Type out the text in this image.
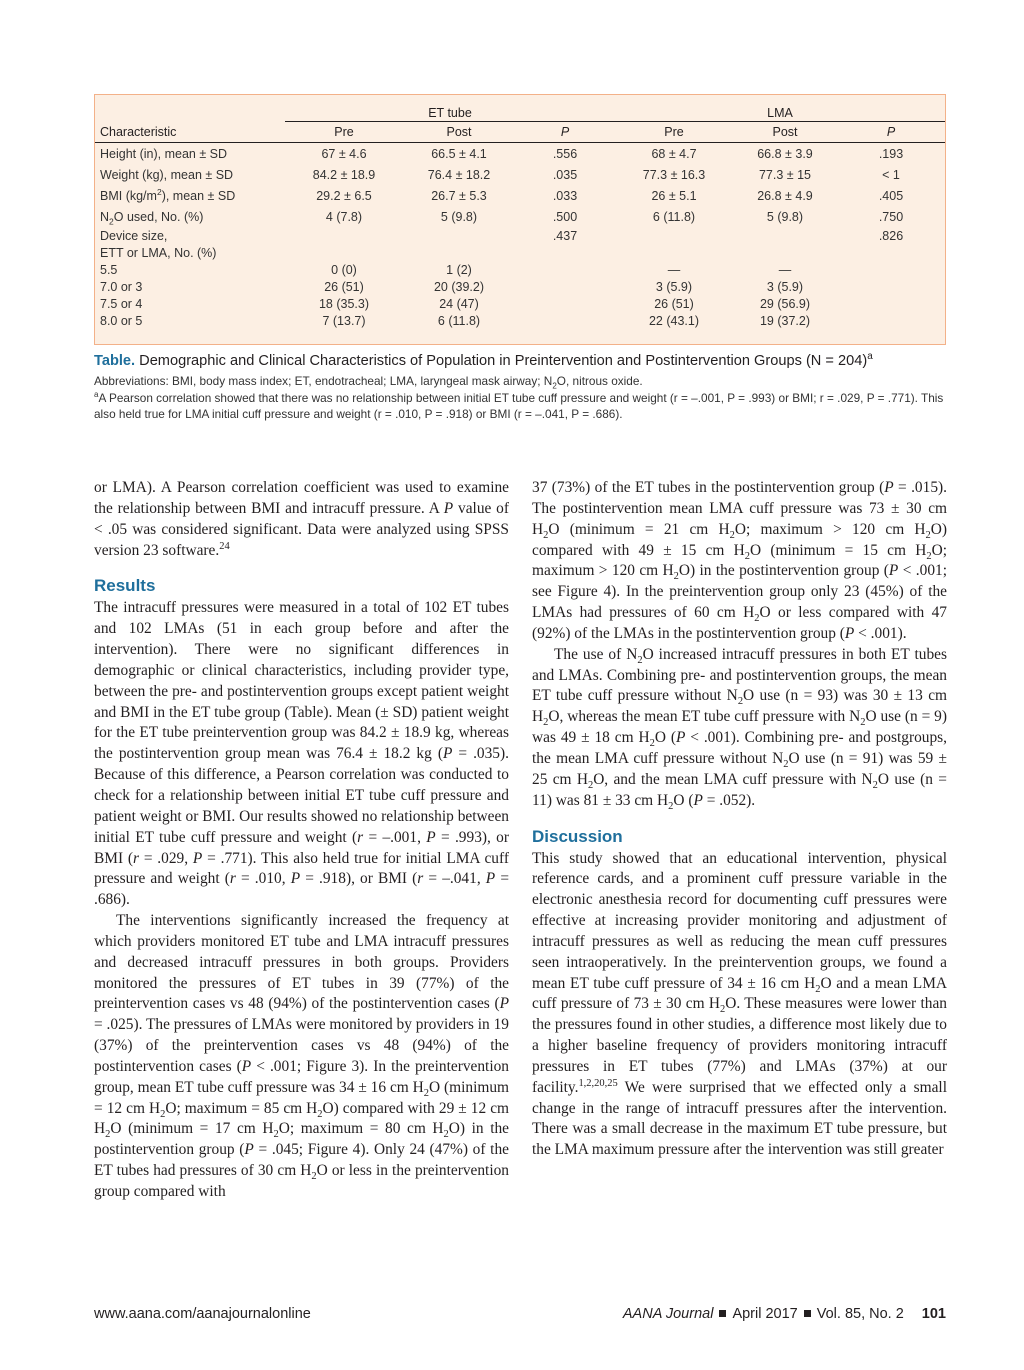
	ET tube			LMA		
Characteristic	Pre	Post	P	Pre	Post	P
Height (in), mean ± SD	67 ± 4.6	66.5 ± 4.1	.556	68 ± 4.7	66.8 ± 3.9	.193
Weight (kg), mean ± SD	84.2 ± 18.9	76.4 ± 18.2	.035	77.3 ± 16.3	77.3 ± 15	< 1
BMI $(kg/m^2)$, mean ± SD	29.2 ± 6.5	26.7 ± 5.3	.033	26 ± 5.1	26.8 ± 4.9	.405
$N_2O$ used, No. (%)	4 (7.8)	5 (9.8)	.500	6 (11.8)	5 (9.8)	.750
Device size,			.437			.826
ETT or LMA, No. (%)						
5.5	0 (0)	1 (2)		—	—	
7.0 or 3	26 (51)	20 (39.2)		3 (5.9)	3 (5.9)	
7.5 or 4	18 (35.3)	24 (47)		26 (51)	29 (56.9)	
8.0 or 5	7 (13.7)	6 (11.8)		22 (43.1)	19 (37.2)	
Table. Demographic and Clinical Characteristics of Population in Preintervention and Postintervention Groups (N = 204)$^a$
Abbreviations: BMI, body mass index; ET, endotracheal; LMA, laryngeal mask airway; $N_2O$, nitrous oxide.
$^a$A Pearson correlation showed that there was no relationship between initial ET tube cuff pressure and weight (r = –.001, P = .993) or BMI; r = .029, P = .771). This also held true for LMA initial cuff pressure and weight (r = .010, P = .918) or BMI (r = –.041, P = .686).

or LMA). A Pearson correlation coefficient was used to examine the relationship between BMI and intracuff pressure. A P value of < .05 was considered significant. Data were analyzed using SPSS version 23 software.$^{24}$

Results

The intracuff pressures were measured in a total of 102 ET tubes and 102 LMAs (51 in each group before and after the intervention). There were no significant differences in demographic or clinical characteristics, including provider type, between the pre- and postintervention groups except patient weight and BMI in the ET tube group (Table). Mean (± SD) patient weight for the ET tube preintervention group was 84.2 ± 18.9 kg, whereas the postintervention group mean was 76.4 ± 18.2 kg (P = .035). Because of this difference, a Pearson correlation was conducted to check for a relationship between initial ET tube cuff pressure and patient weight or BMI. Our results showed no relationship between initial ET tube cuff pressure and weight (r = –.001, P = .993), or BMI (r = .029, P = .771). This also held true for initial LMA cuff pressure and weight (r = .010, P = .918), or BMI (r = –.041, P = .686).

The interventions significantly increased the frequency at which providers monitored ET tube and LMA intracuff pressures and decreased intracuff pressures in both groups. Providers monitored the pressures of ET tubes in 39 (77%) of the preintervention cases vs 48 (94%) of the postintervention cases (P = .025). The pressures of LMAs were monitored by providers in 19 (37%) of the preintervention cases vs 48 (94%) of the postintervention cases (P < .001; Figure 3). In the preintervention group, mean ET tube cuff pressure was 34 ± 16 cm $H_2O$ (minimum = 12 cm $H_2O$; maximum = 85 cm $H_2O$) compared with 29 ± 12 cm $H_2O$ (minimum = 17 cm $H_2O$; maximum = 80 cm $H_2O$) in the postintervention group (P = .045; Figure 4). Only 24 (47%) of the ET tubes had pressures of 30 cm $H_2O$ or less in the preintervention group compared with

37 (73%) of the ET tubes in the postintervention group (P = .015). The postintervention mean LMA cuff pressure was 73 ± 30 cm $H_2O$ (minimum = 21 cm $H_2O$; maximum > 120 cm $H_2O$) compared with 49 ± 15 cm $H_2O$ (minimum = 15 cm $H_2O$; maximum > 120 cm $H_2O$) in the postintervention group (P < .001; see Figure 4). In the preintervention group only 23 (45%) of the LMAs had pressures of 60 cm $H_2O$ or less compared with 47 (92%) of the LMAs in the postintervention group (P < .001).

The use of $N_2O$ increased intracuff pressures in both ET tubes and LMAs. Combining pre- and postintervention groups, the mean ET tube cuff pressure without $N_2O$ use (n = 93) was 30 ± 13 cm $H_2O$, whereas the mean ET tube cuff pressure with $N_2O$ use (n = 9) was 49 ± 18 cm $H_2O$ (P < .001). Combining pre- and postgroups, the mean LMA cuff pressure without $N_2O$ use (n = 91) was 59 ± 25 cm $H_2O$, and the mean LMA cuff pressure with $N_2O$ use (n = 11) was 81 ± 33 cm $H_2O$ (P = .052).

Discussion

This study showed that an educational intervention, physical reference cards, and a prominent cuff pressure variable in the electronic anesthesia record for documenting cuff pressures were effective at increasing provider monitoring and adjustment of intracuff pressures as well as reducing the mean cuff pressures seen intraoperatively. In the preintervention groups, we found a mean ET tube cuff pressure of 34 ± 16 cm $H_2O$ and a mean LMA cuff pressure of 73 ± 30 cm $H_2O$. These measures were lower than the pressures found in other studies, a difference most likely due to a higher baseline frequency of providers monitoring intracuff pressures in ET tubes (77%) and LMAs (37%) at our facility.$^{1,2,20,25}$ We were surprised that we effected only a small change in the range of intracuff pressures after the intervention. There was a small decrease in the maximum ET tube pressure, but the LMA maximum pressure after the intervention was still greater

www.aana.com/aanajournalonline	AANA Journal April 2017 Vol. 85, No. 2 101
